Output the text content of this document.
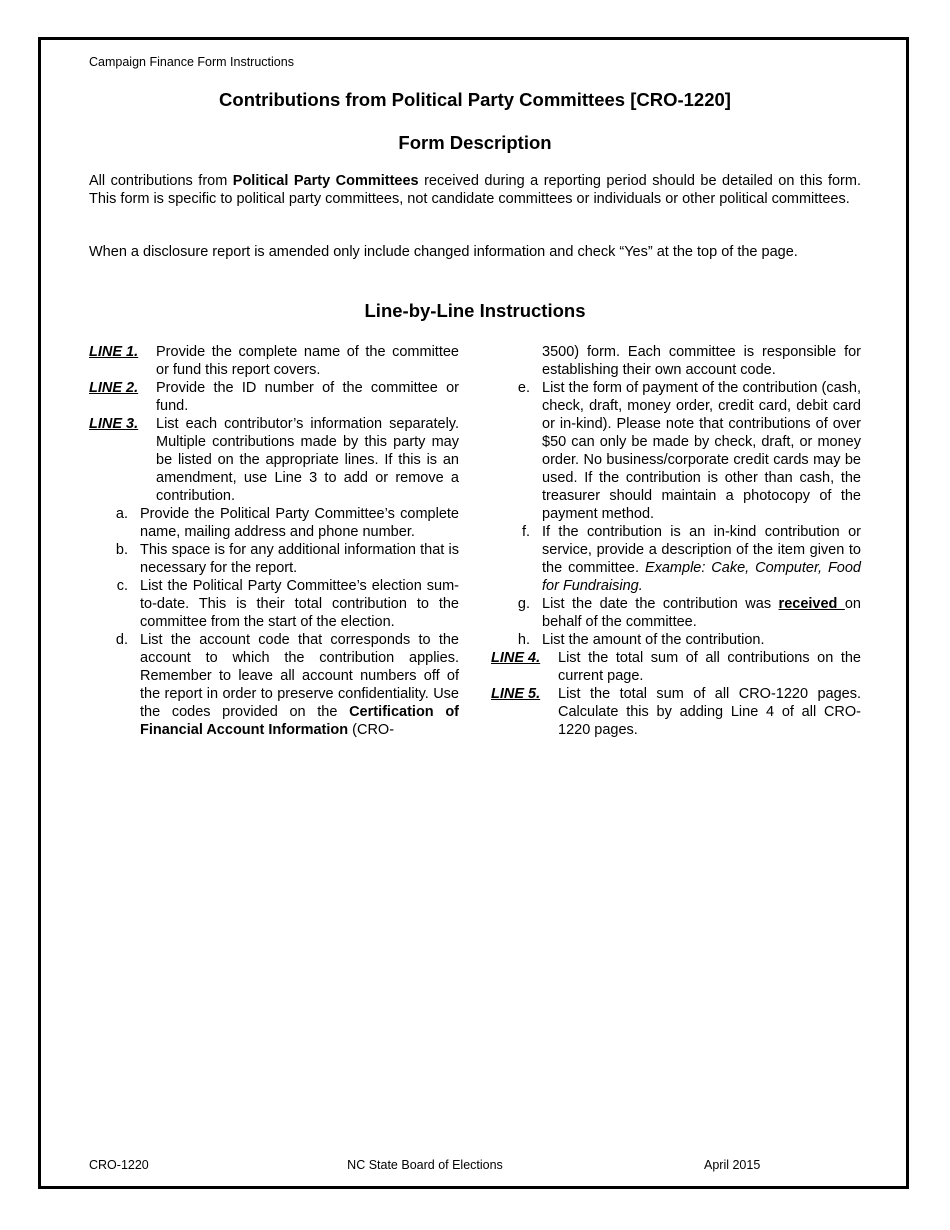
Campaign Finance Form Instructions
Contributions from Political Party Committees [CRO-1220]
Form Description
All contributions from Political Party Committees received during a reporting period should be detailed on this form. This form is specific to political party committees, not candidate committees or individuals or other political committees.
When a disclosure report is amended only include changed information and check “Yes” at the top of the page.
Line-by-Line Instructions
LINE 1.	Provide the complete name of the committee or fund this report covers.
LINE 2.	Provide the ID number of the committee or fund.
LINE 3.	List each contributor’s information separately. Multiple contributions made by this party may be listed on the appropriate lines. If this is an amendment, use Line 3 to add or remove a contribution.
a. Provide the Political Party Committee’s complete name, mailing address and phone number.
b. This space is for any additional information that is necessary for the report.
c. List the Political Party Committee’s election sum-to-date. This is their total contribution to the committee from the start of the election.
d. List the account code that corresponds to the account to which the contribution applies. Remember to leave all account numbers off of the report in order to preserve confidentiality. Use the codes provided on the Certification of Financial Account Information (CRO-
3500) form. Each committee is responsible for establishing their own account code.
e. List the form of payment of the contribution (cash, check, draft, money order, credit card, debit card or in-kind). Please note that contributions of over $50 can only be made by check, draft, or money order. No business/corporate credit cards may be used. If the contribution is other than cash, the treasurer should maintain a photocopy of the payment method.
f. If the contribution is an in-kind contribution or service, provide a description of the item given to the committee. Example: Cake, Computer, Food for Fundraising.
g. List the date the contribution was received on behalf of the committee.
h. List the amount of the contribution.
LINE 4.	List the total sum of all contributions on the current page.
LINE 5.	List the total sum of all CRO-1220 pages. Calculate this by adding Line 4 of all CRO-1220 pages.
CRO-1220	NC State Board of Elections	April 2015
